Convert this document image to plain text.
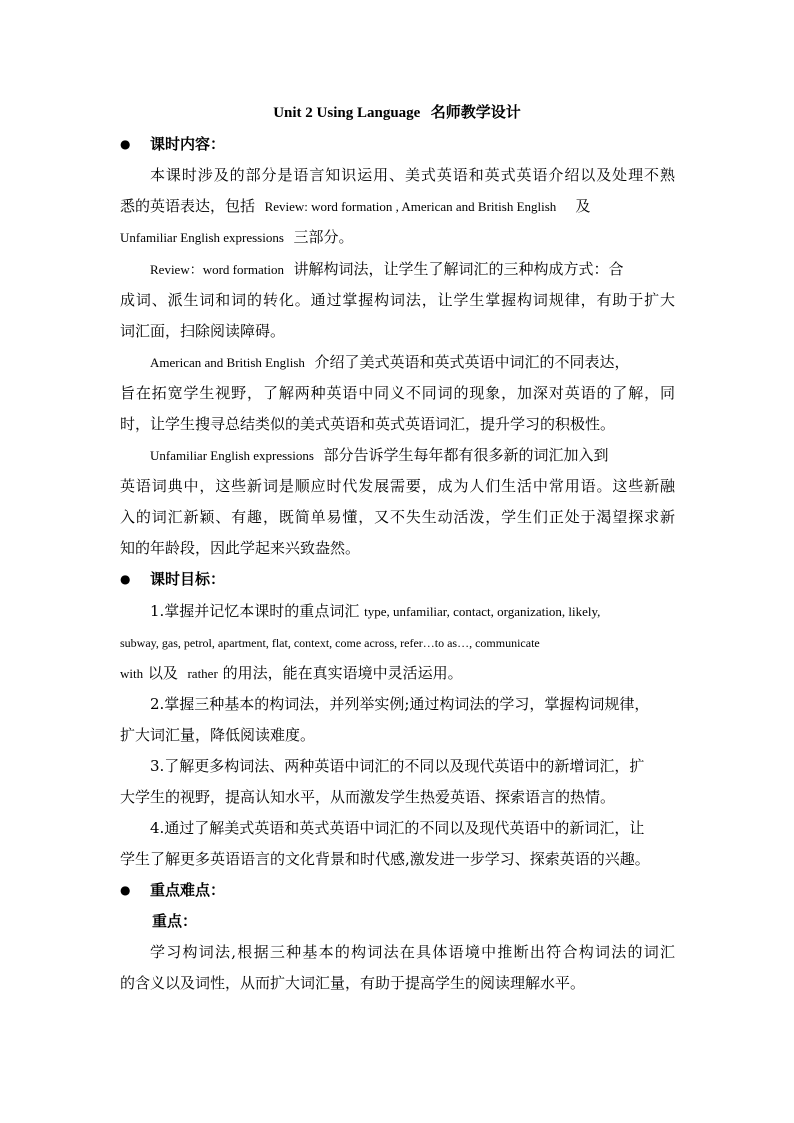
Unit 2 Using Language 名师教学设计
● 课时内容：
本课时涉及的部分是语言知识运用、美式英语和英式英语介绍以及处理不熟
悉的英语表达，包括 Review: word formation , American and British English 及
Unfamiliar English expressions 三部分。
Review：word formation 讲解构词法，让学生了解词汇的三种构成方式：合
成词、派生词和词的转化。通过掌握构词法，让学生掌握构词规律，有助于扩大
词汇面，扫除阅读障碍。
American and British English 介绍了美式英语和英式英语中词汇的不同表达，
旨在拓宽学生视野，了解两种英语中同义不同词的现象，加深对英语的了解，同
时，让学生搜寻总结类似的美式英语和英式英语词汇，提升学习的积极性。
Unfamiliar English expressions 部分告诉学生每年都有很多新的词汇加入到
英语词典中，这些新词是顺应时代发展需要，成为人们生活中常用语。这些新融
入的词汇新颖、有趣，既简单易懂，又不失生动活泼，学生们正处于渴望探求新
知的年龄段，因此学起来兴致盎然。
● 课时目标：
1.掌握并记忆本课时的重点词汇 type, unfamiliar, contact, organization, likely,
subway, gas, petrol, apartment, flat, context, come across, refer…to as…, communicate
with 以及 rather 的用法，能在真实语境中灵活运用。
2.掌握三种基本的构词法，并列举实例;通过构词法的学习，掌握构词规律，
扩大词汇量，降低阅读难度。
3.了解更多构词法、两种英语中词汇的不同以及现代英语中的新增词汇，扩
大学生的视野，提高认知水平，从而激发学生热爱英语、探索语言的热情。
4.通过了解美式英语和英式英语中词汇的不同以及现代英语中的新词汇，让
学生了解更多英语语言的文化背景和时代感,激发进一步学习、探索英语的兴趣。
● 重点难点：
重点：
学习构词法,根据三种基本的构词法在具体语境中推断出符合构词法的词汇
的含义以及词性，从而扩大词汇量，有助于提高学生的阅读理解水平。
